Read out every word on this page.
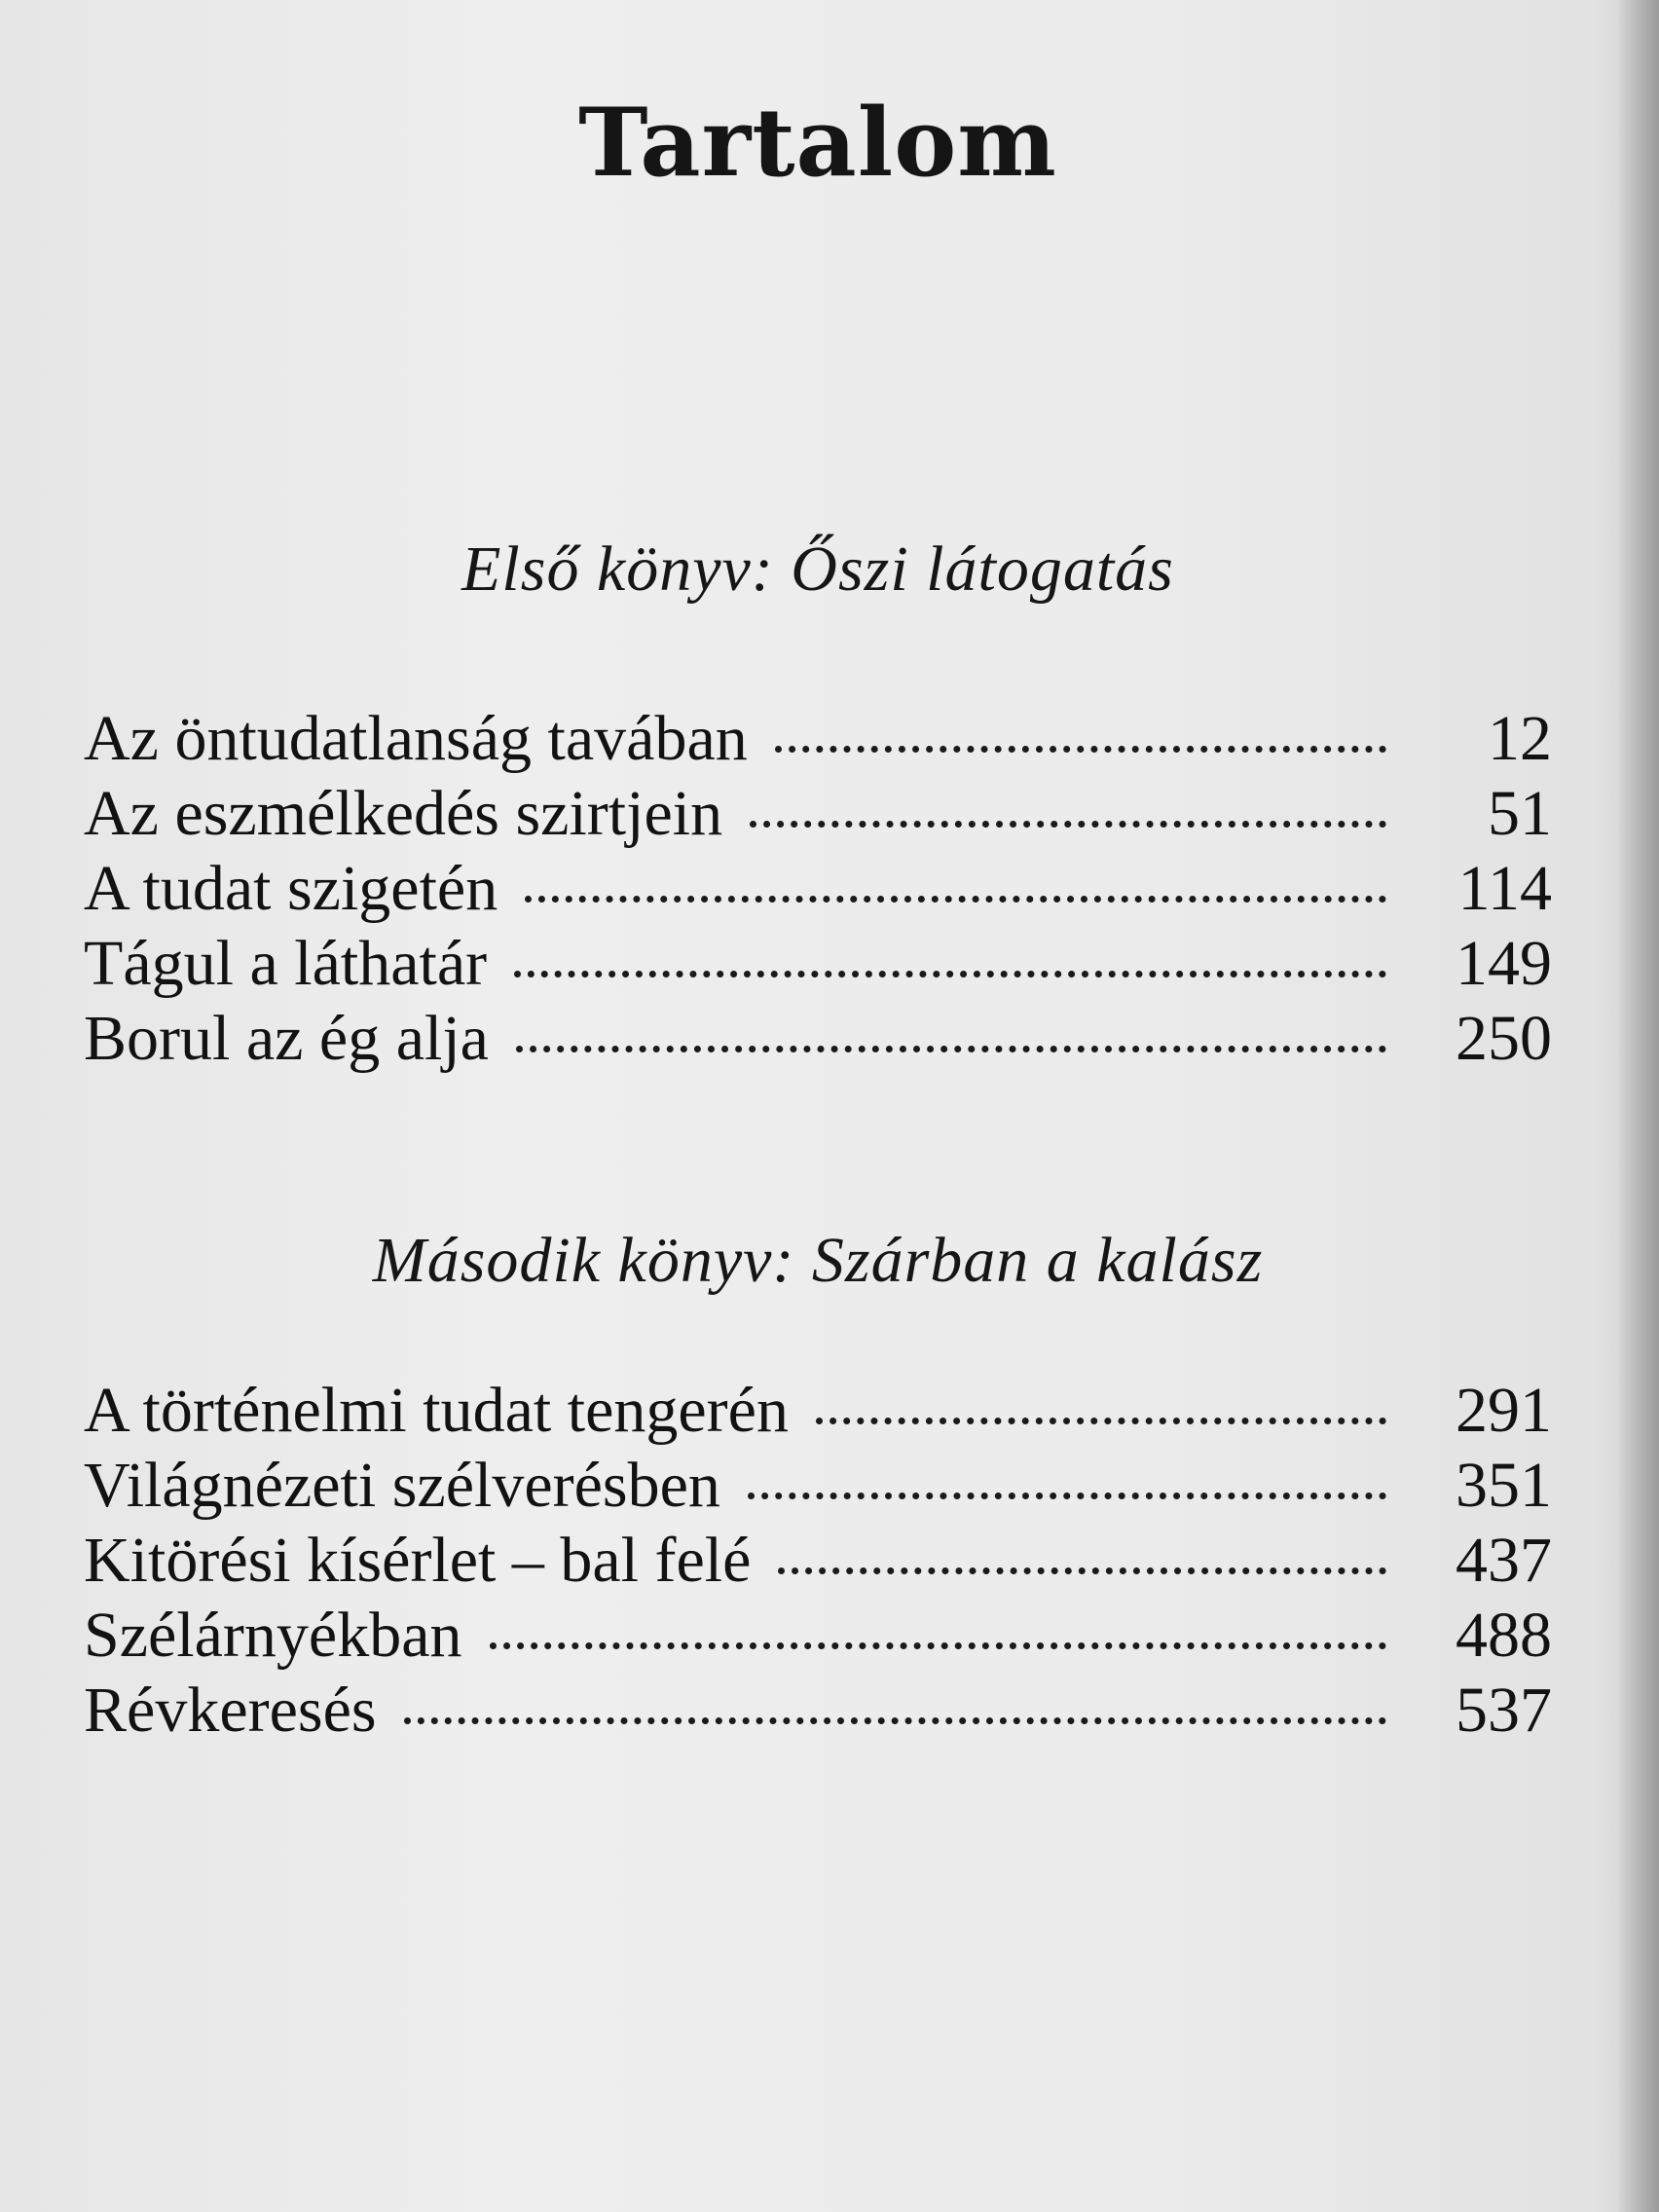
Tartalom
Első könyv: Őszi látogatás
Az öntudatlanság tavában	12
Az eszmélkedés szirtjein	51
A tudat szigetén	114
Tágul a láthatár	149
Borul az ég alja	250
Második könyv: Szárban a kalász
A történelmi tudat tengerén	291
Világnézeti szélverésben	351
Kitörési kísérlet – bal felé	437
Szélárnyékban	488
Révkeresés	537
